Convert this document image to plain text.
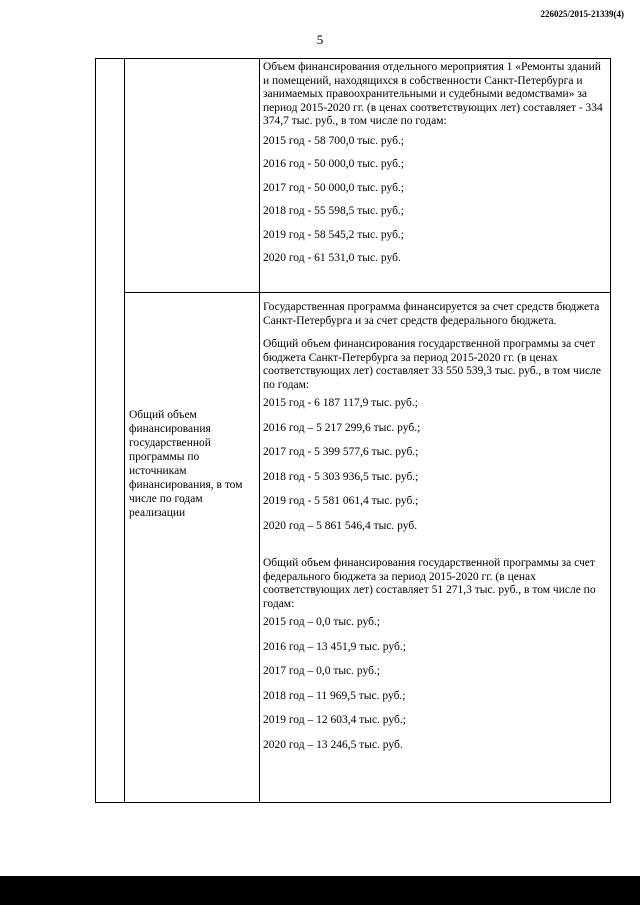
226025/2015-21339(4)
5

Объем финансирования отдельного мероприятия 1 «Ремонты зданий и помещений, находящихся в собственности Санкт-Петербурга и занимаемых правоохранительными и судебными ведомствами» за период 2015-2020 гг. (в ценах соответствующих лет) составляет - 334 374,7 тыс. руб., в том числе по годам:

2015 год - 58 700,0 тыс. руб.;

2016 год - 50 000,0 тыс. руб.;

2017 год - 50 000,0 тыс. руб.;

2018 год - 55 598,5 тыс. руб.;

2019 год - 58 545,2 тыс. руб.;

2020 год - 61 531,0 тыс. руб.

Общий объем финансирования государственной программы по источникам финансирования, в том числе по годам реализации

Государственная программа финансируется за счет средств бюджета Санкт-Петербурга и за счет средств федерального бюджета.

Общий объем финансирования государственной программы за счет бюджета Санкт-Петербурга за период 2015-2020 гг. (в ценах соответствующих лет) составляет 33 550 539,3 тыс. руб., в том числе по годам:

2015 год - 6 187 117,9 тыс. руб.;

2016 год – 5 217 299,6 тыс. руб.;

2017 год - 5 399 577,6 тыс. руб.;

2018 год - 5 303 936,5 тыс. руб.;

2019 год - 5 581 061,4 тыс. руб.;

2020 год – 5 861 546,4 тыс. руб.

Общий объем финансирования государственной программы за счет федерального бюджета за период 2015-2020 гг. (в ценах соответствующих лет) составляет 51 271,3 тыс. руб., в том числе по годам:

2015 год – 0,0 тыс. руб.;

2016 год – 13 451,9 тыс. руб.;

2017 год – 0,0 тыс. руб.;

2018 год – 11 969,5 тыс. руб.;

2019 год – 12 603,4 тыс. руб.;

2020 год – 13 246,5 тыс. руб.
